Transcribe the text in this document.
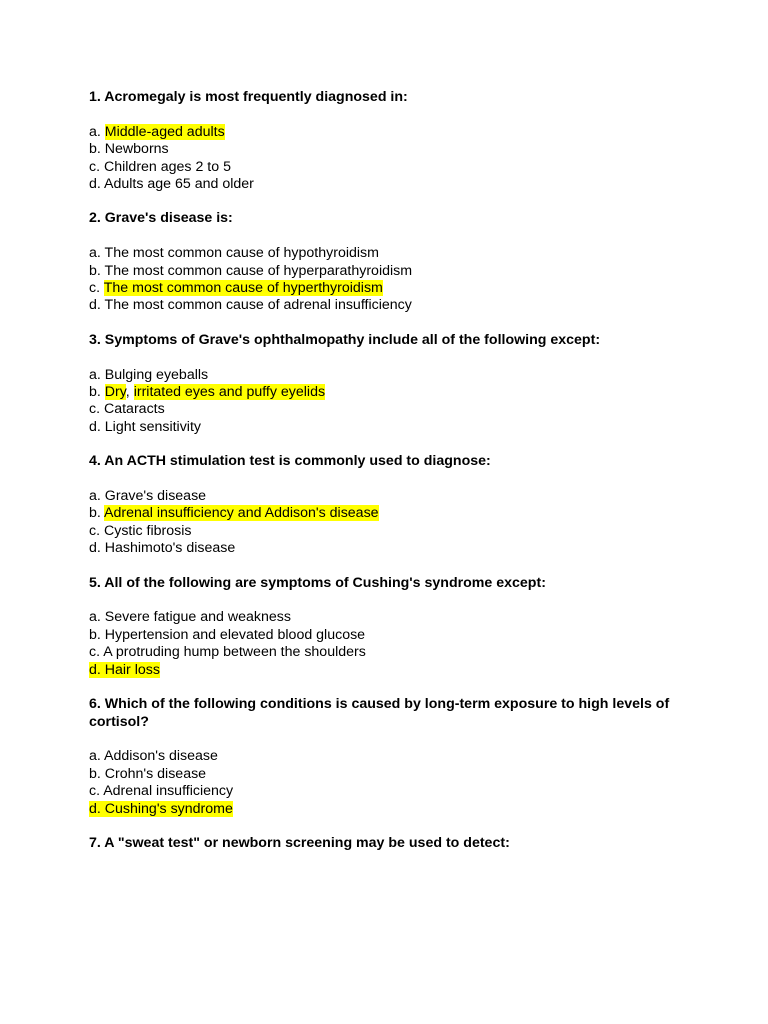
1. Acromegaly is most frequently diagnosed in:

a. Middle-aged adults

b. Newborns

c. Children ages 2 to 5

d. Adults age 65 and older

2. Grave's disease is:

a. The most common cause of hypothyroidism

b. The most common cause of hyperparathyroidism

c. The most common cause of hyperthyroidism

d. The most common cause of adrenal insufficiency

3. Symptoms of Grave's ophthalmopathy include all of the following except:

a. Bulging eyeballs

b. Dry, irritated eyes and puffy eyelids

c. Cataracts

d. Light sensitivity

4. An ACTH stimulation test is commonly used to diagnose:

a. Grave's disease

b. Adrenal insufficiency and Addison's disease

c. Cystic fibrosis

d. Hashimoto's disease

5. All of the following are symptoms of Cushing's syndrome except:

a. Severe fatigue and weakness

b. Hypertension and elevated blood glucose

c. A protruding hump between the shoulders

d. Hair loss

6. Which of the following conditions is caused by long-term exposure to high levels of cortisol?

a. Addison's disease

b. Crohn's disease

c. Adrenal insufficiency

d. Cushing's syndrome

7. A "sweat test" or newborn screening may be used to detect:
